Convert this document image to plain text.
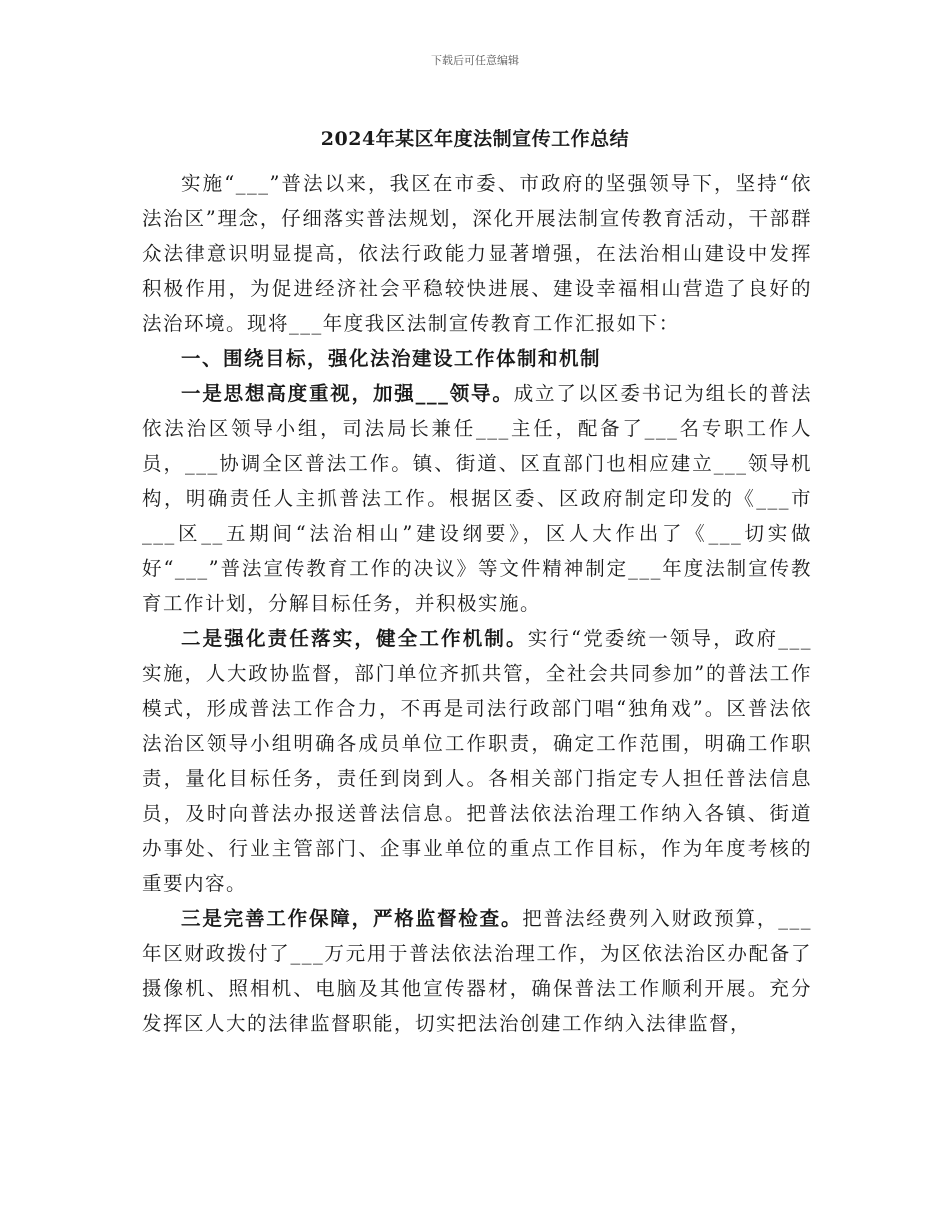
下载后可任意编辑
2024年某区年度法制宣传工作总结

实施“___”普法以来，我区在市委、市政府的坚强领导下，坚持“依法治区”理念，仔细落实普法规划，深化开展法制宣传教育活动，干部群众法律意识明显提高，依法行政能力显著增强，在法治相山建设中发挥积极作用，为促进经济社会平稳较快进展、建设幸福相山营造了良好的法治环境。现将___年度我区法制宣传教育工作汇报如下：

一、围绕目标，强化法治建设工作体制和机制

一是思想高度重视，加强___领导。成立了以区委书记为组长的普法依法治区领导小组，司法局长兼任___主任，配备了___名专职工作人员，___协调全区普法工作。镇、街道、区直部门也相应建立___领导机构，明确责任人主抓普法工作。根据区委、区政府制定印发的《___市___区__五期间“法治相山”建设纲要》，区人大作出了《___切实做好“___”普法宣传教育工作的决议》等文件精神制定___年度法制宣传教育工作计划，分解目标任务，并积极实施。

二是强化责任落实，健全工作机制。实行“党委统一领导，政府___实施，人大政协监督，部门单位齐抓共管，全社会共同参加”的普法工作模式，形成普法工作合力，不再是司法行政部门唱“独角戏”。区普法依法治区领导小组明确各成员单位工作职责，确定工作范围，明确工作职责，量化目标任务，责任到岗到人。各相关部门指定专人担任普法信息员，及时向普法办报送普法信息。把普法依法治理工作纳入各镇、街道办事处、行业主管部门、企事业单位的重点工作目标，作为年度考核的重要内容。

三是完善工作保障，严格监督检查。把普法经费列入财政预算，___年区财政拨付了___万元用于普法依法治理工作，为区依法治区办配备了摄像机、照相机、电脑及其他宣传器材，确保普法工作顺利开展。充分发挥区人大的法律监督职能，切实把法治创建工作纳入法律监督，
